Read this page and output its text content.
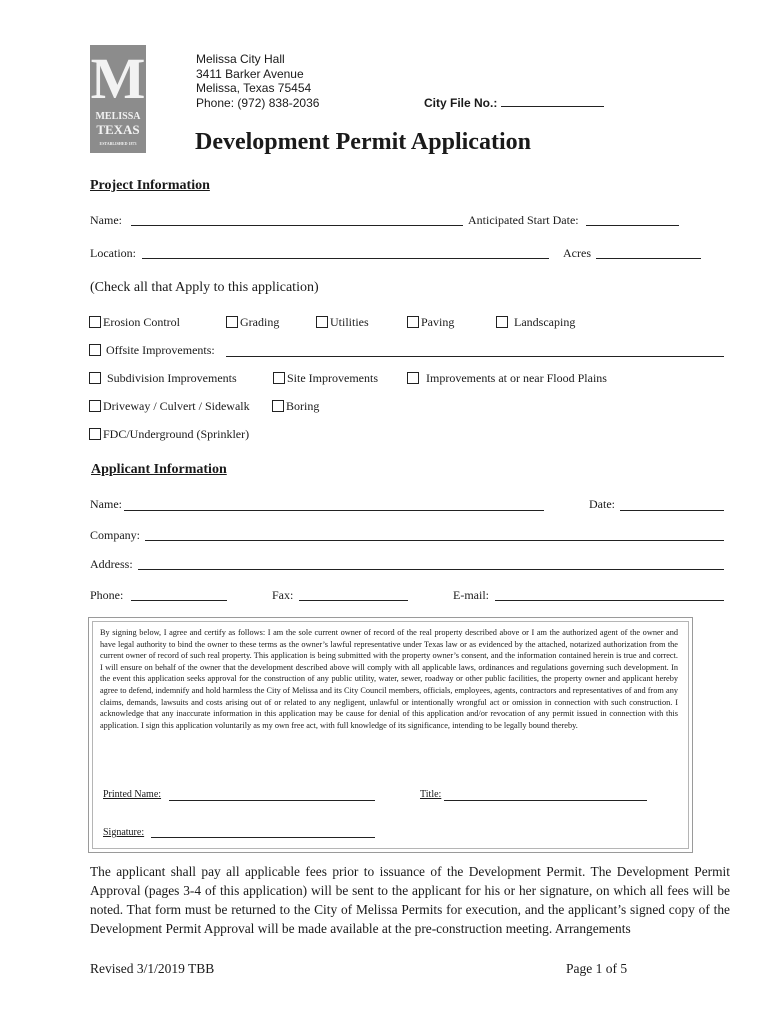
M
MELISSA
TEXAS
ESTABLISHED 1873
Melissa City Hall
3411 Barker Avenue
Melissa, Texas 75454
Phone: (972) 838-2036	City File No.:
Development Permit Application
Project Information
Name:	Anticipated Start Date:
Location:	Acres
(Check all that Apply to this application)
Erosion Control	Grading	Utilities	Paving	Landscaping
Offsite Improvements:
Subdivision Improvements	Site Improvements	Improvements at or near Flood Plains
Driveway / Culvert / Sidewalk	Boring
FDC/Underground (Sprinkler)
Applicant Information
Name:	Date:
Company:
Address:
Phone:	Fax:	E-mail:
By signing below, I agree and certify as follows: I am the sole current owner of record of the real property described above or I am the authorized agent of the owner and have legal authority to bind the owner to these terms as the owner’s lawful representative under Texas law or as evidenced by the attached, notarized authorization from the current owner of record of such real property. This application is being submitted with the property owner’s consent, and the information contained herein is true and correct. I will ensure on behalf of the owner that the development described above will comply with all applicable laws, ordinances and regulations governing such development. In the event this application seeks approval for the construction of any public utility, water, sewer, roadway or other public facilities, the property owner and applicant hereby agree to defend, indemnify and hold harmless the City of Melissa and its City Council members, officials, employees, agents, contractors and representatives of and from any claims, demands, lawsuits and costs arising out of or related to any negligent, unlawful or intentionally wrongful act or omission in connection with such construction. I acknowledge that any inaccurate information in this application may be cause for denial of this application and/or revocation of any permit issued in connection with this application. I sign this application voluntarily as my own free act, with full knowledge of its significance, intending to be legally bound thereby.
Printed Name:	Title:
Signature:
The applicant shall pay all applicable fees prior to issuance of the Development Permit. The Development Permit Approval (pages 3-4 of this application) will be sent to the applicant for his or her signature, on which all fees will be noted. That form must be returned to the City of Melissa Permits for execution, and the applicant’s signed copy of the Development Permit Approval will be made available at the pre-construction meeting. Arrangements
Revised 3/1/2019 TBB	Page 1 of 5
